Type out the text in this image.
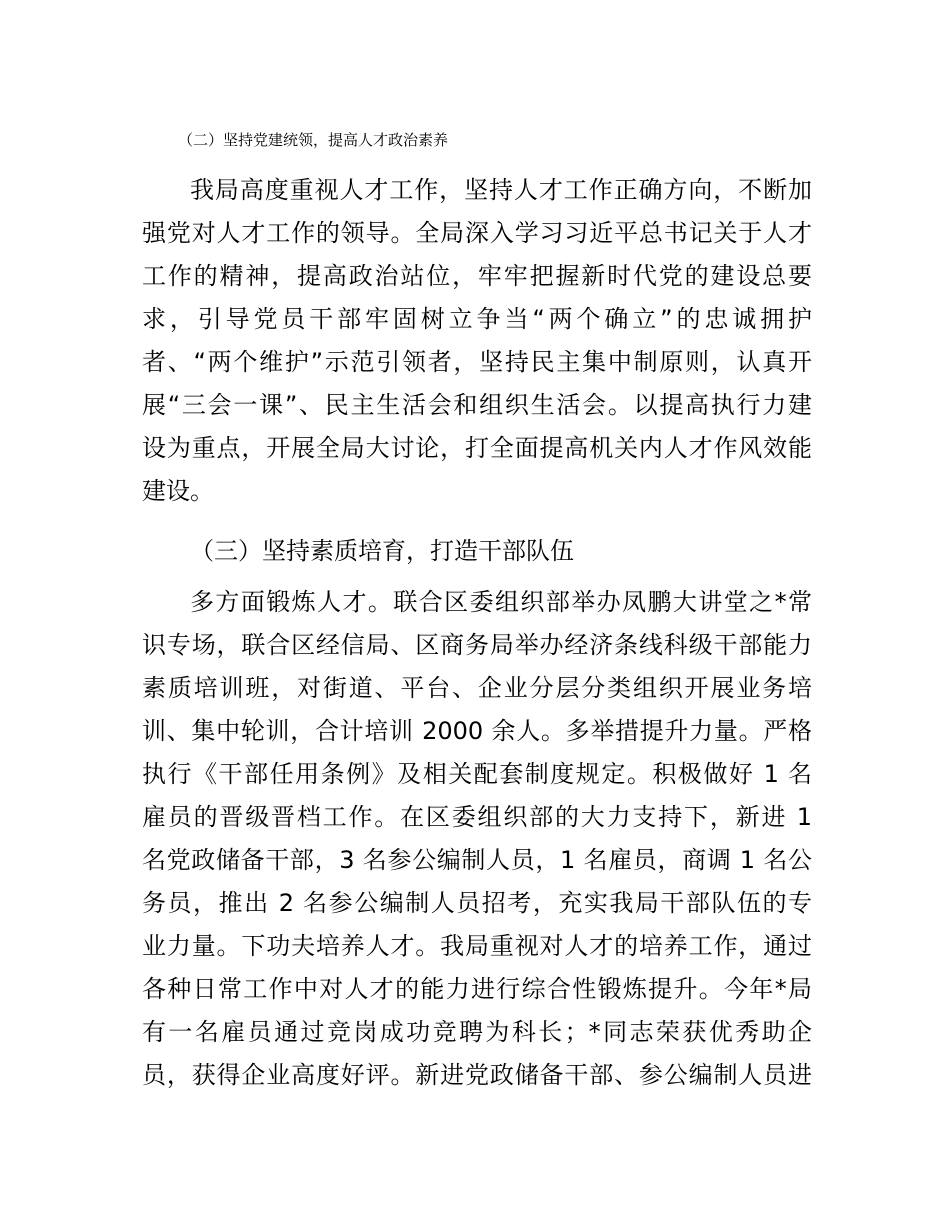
（二）坚持党建统领，提高人才政治素养
我局高度重视人才工作，坚持人才工作正确方向，不断加
强党对人才工作的领导。全局深入学习习近平总书记关于人才
工作的精神，提高政治站位，牢牢把握新时代党的建设总要
求，引导党员干部牢固树立争当“两个确立”的忠诚拥护
者、“两个维护”示范引领者，坚持民主集中制原则，认真开
展“三会一课”、民主生活会和组织生活会。以提高执行力建
设为重点，开展全局大讨论，打全面提高机关内人才作风效能
建设。
（三）坚持素质培育，打造干部队伍
多方面锻炼人才。联合区委组织部举办凤鹏大讲堂之*常
识专场，联合区经信局、区商务局举办经济条线科级干部能力
素质培训班，对街道、平台、企业分层分类组织开展业务培
训、集中轮训，合计培训 2000 余人。多举措提升力量。严格
执行《干部任用条例》及相关配套制度规定。积极做好 1 名
雇员的晋级晋档工作。在区委组织部的大力支持下，新进 1
名党政储备干部，3 名参公编制人员，1 名雇员，商调 1 名公
务员，推出 2 名参公编制人员招考，充实我局干部队伍的专
业力量。下功夫培养人才。我局重视对人才的培养工作，通过
各种日常工作中对人才的能力进行综合性锻炼提升。今年*局
有一名雇员通过竞岗成功竞聘为科长；*同志荣获优秀助企
员，获得企业高度好评。新进党政储备干部、参公编制人员进
